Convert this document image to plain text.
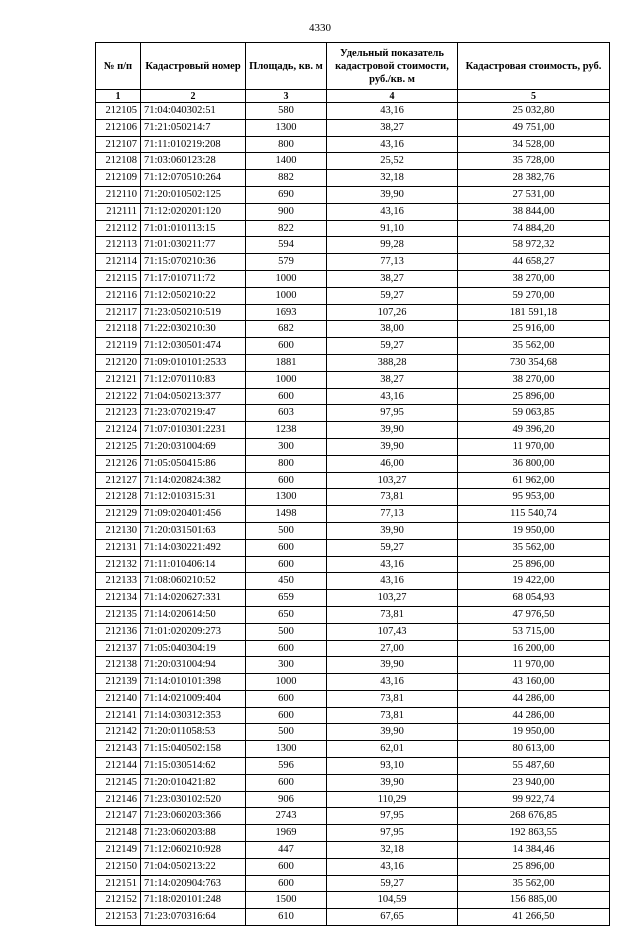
4330
№ п/п	Кадастровый номер	Площадь, кв. м	Удельный показатель кадастровой стоимости, руб./кв. м	Кадастровая стоимость, руб.
1	2	3	4	5
212105	71:04:040302:51	580	43,16	25 032,80
212106	71:21:050214:7	1300	38,27	49 751,00
212107	71:11:010219:208	800	43,16	34 528,00
212108	71:03:060123:28	1400	25,52	35 728,00
212109	71:12:070510:264	882	32,18	28 382,76
212110	71:20:010502:125	690	39,90	27 531,00
212111	71:12:020201:120	900	43,16	38 844,00
212112	71:01:010113:15	822	91,10	74 884,20
212113	71:01:030211:77	594	99,28	58 972,32
212114	71:15:070210:36	579	77,13	44 658,27
212115	71:17:010711:72	1000	38,27	38 270,00
212116	71:12:050210:22	1000	59,27	59 270,00
212117	71:23:050210:519	1693	107,26	181 591,18
212118	71:22:030210:30	682	38,00	25 916,00
212119	71:12:030501:474	600	59,27	35 562,00
212120	71:09:010101:2533	1881	388,28	730 354,68
212121	71:12:070110:83	1000	38,27	38 270,00
212122	71:04:050213:377	600	43,16	25 896,00
212123	71:23:070219:47	603	97,95	59 063,85
212124	71:07:010301:2231	1238	39,90	49 396,20
212125	71:20:031004:69	300	39,90	11 970,00
212126	71:05:050415:86	800	46,00	36 800,00
212127	71:14:020824:382	600	103,27	61 962,00
212128	71:12:010315:31	1300	73,81	95 953,00
212129	71:09:020401:456	1498	77,13	115 540,74
212130	71:20:031501:63	500	39,90	19 950,00
212131	71:14:030221:492	600	59,27	35 562,00
212132	71:11:010406:14	600	43,16	25 896,00
212133	71:08:060210:52	450	43,16	19 422,00
212134	71:14:020627:331	659	103,27	68 054,93
212135	71:14:020614:50	650	73,81	47 976,50
212136	71:01:020209:273	500	107,43	53 715,00
212137	71:05:040304:19	600	27,00	16 200,00
212138	71:20:031004:94	300	39,90	11 970,00
212139	71:14:010101:398	1000	43,16	43 160,00
212140	71:14:021009:404	600	73,81	44 286,00
212141	71:14:030312:353	600	73,81	44 286,00
212142	71:20:011058:53	500	39,90	19 950,00
212143	71:15:040502:158	1300	62,01	80 613,00
212144	71:15:030514:62	596	93,10	55 487,60
212145	71:20:010421:82	600	39,90	23 940,00
212146	71:23:030102:520	906	110,29	99 922,74
212147	71:23:060203:366	2743	97,95	268 676,85
212148	71:23:060203:88	1969	97,95	192 863,55
212149	71:12:060210:928	447	32,18	14 384,46
212150	71:04:050213:22	600	43,16	25 896,00
212151	71:14:020904:763	600	59,27	35 562,00
212152	71:18:020101:248	1500	104,59	156 885,00
212153	71:23:070316:64	610	67,65	41 266,50
